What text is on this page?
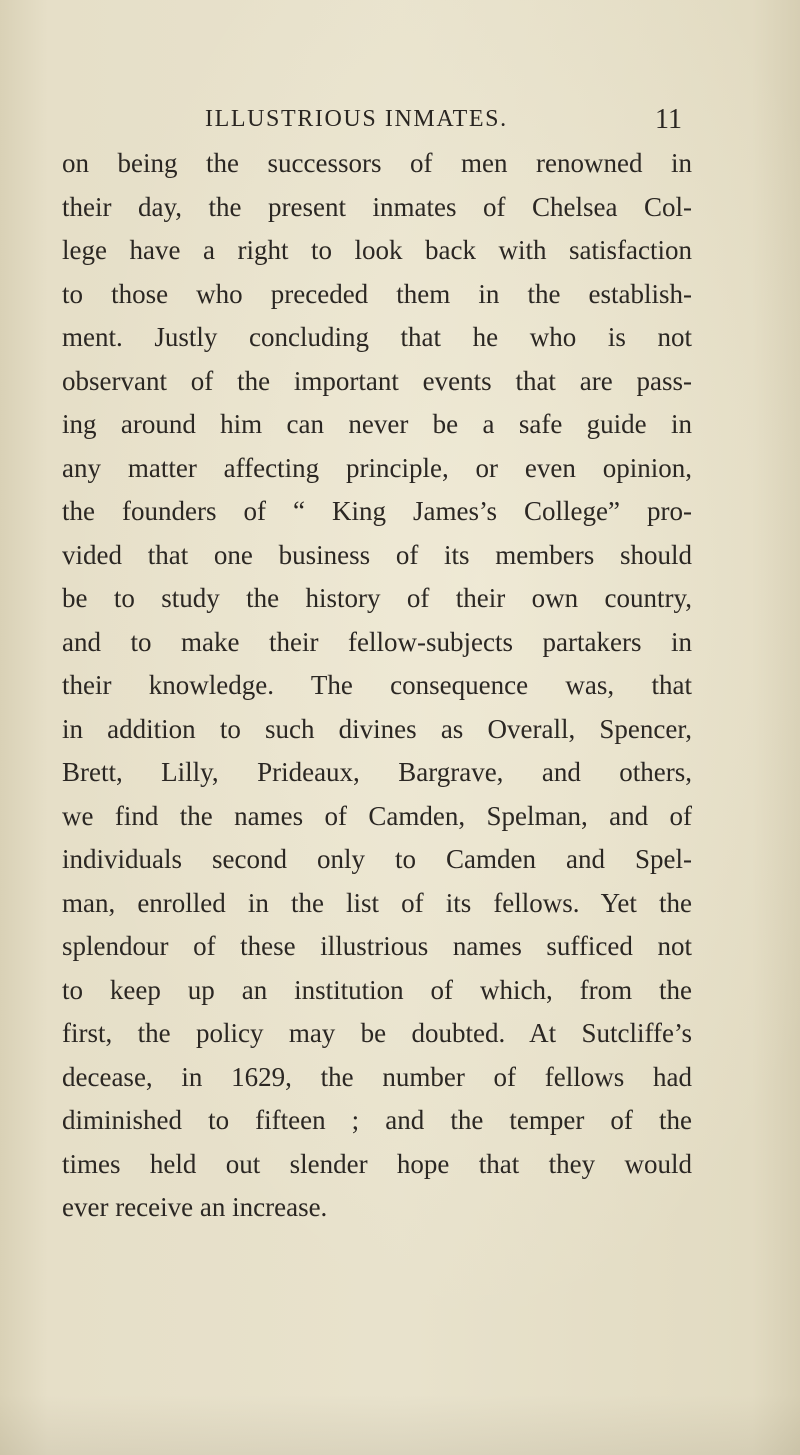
ILLUSTRIOUS INMATES.	11
on being the successors of men renowned in
their day, the present inmates of Chelsea Col-
lege have a right to look back with satisfaction
to those who preceded them in the establish-
ment. Justly concluding that he who is not
observant of the important events that are pass-
ing around him can never be a safe guide in
any matter affecting principle, or even opinion,
the founders of “ King James’s College” pro-
vided that one business of its members should
be to study the history of their own country,
and to make their fellow-subjects partakers in
their knowledge. The consequence was, that
in addition to such divines as Overall, Spencer,
Brett, Lilly, Prideaux, Bargrave, and others,
we find the names of Camden, Spelman, and of
individuals second only to Camden and Spel-
man, enrolled in the list of its fellows. Yet the
splendour of these illustrious names sufficed not
to keep up an institution of which, from the
first, the policy may be doubted. At Sutcliffe’s
decease, in 1629, the number of fellows had
diminished to fifteen ; and the temper of the
times held out slender hope that they would
ever receive an increase.
